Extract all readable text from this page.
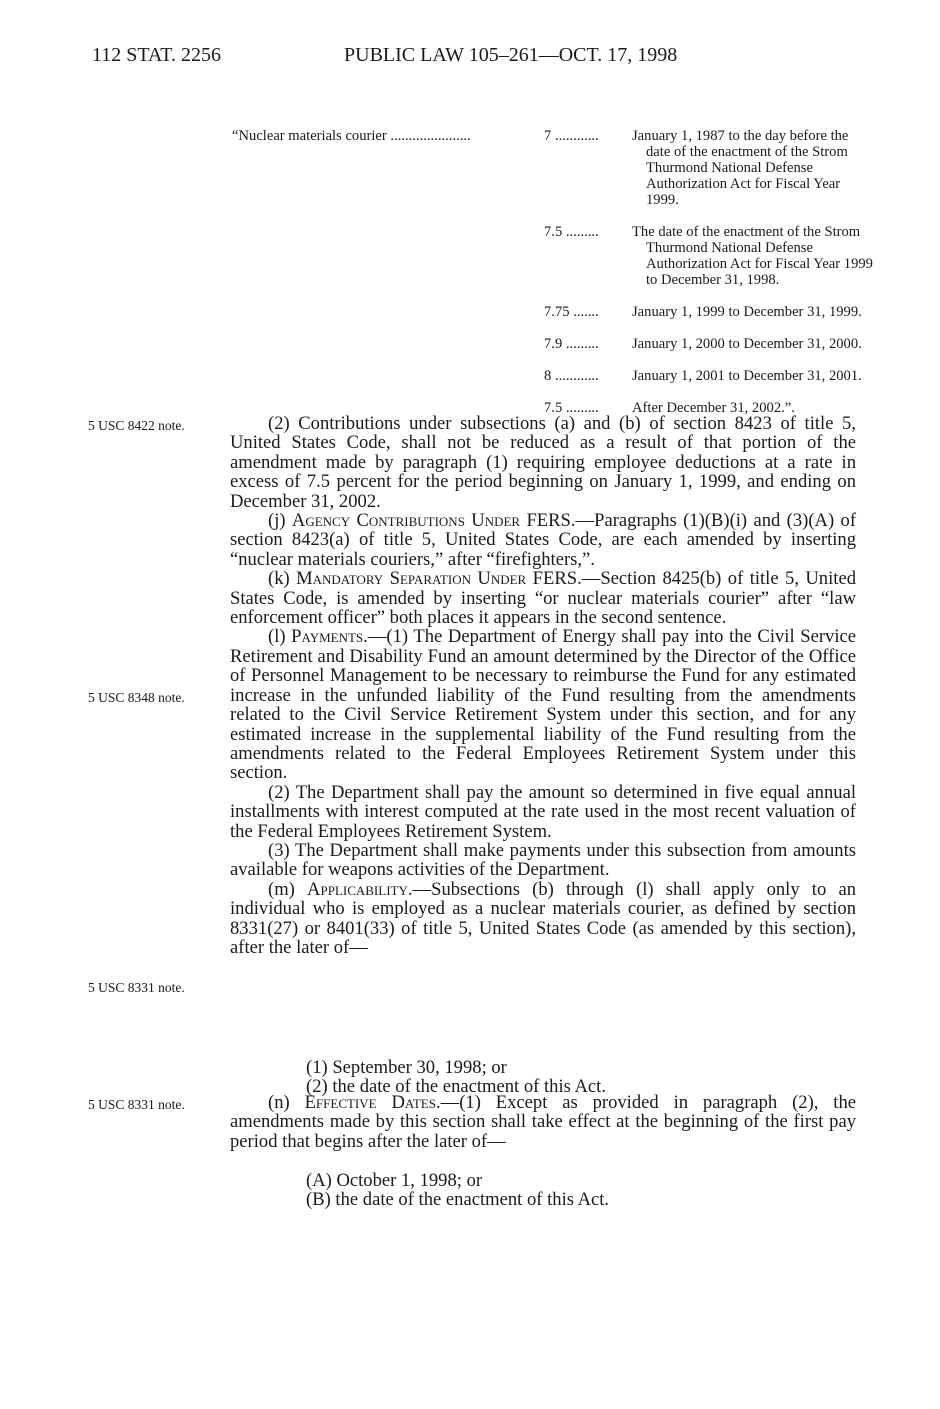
112 STAT. 2256	PUBLIC LAW 105–261—OCT. 17, 1998
“Nuclear materials courier ......................	7 ............ January 1, 1987 to the day before the date of the enactment of the Strom Thurmond National Defense Authorization Act for Fiscal Year 1999.
7.5 ......... The date of the enactment of the Strom Thurmond National Defense Authorization Act for Fiscal Year 1999 to December 31, 1998.
7.75 ....... January 1, 1999 to December 31, 1999.
7.9 ......... January 1, 2000 to December 31, 2000.
8 ............ January 1, 2001 to December 31, 2001.
7.5 ......... After December 31, 2002.”.
5 USC 8422 note.
5 USC 8348 note.
5 USC 8331 note.
5 USC 8331 note.

(2) Contributions under subsections (a) and (b) of section 8423 of title 5, United States Code, shall not be reduced as a result of that portion of the amendment made by paragraph (1) requiring employee deductions at a rate in excess of 7.5 percent for the period beginning on January 1, 1999, and ending on December 31, 2002.

(j) Agency Contributions Under FERS.—Paragraphs (1)(B)(i) and (3)(A) of section 8423(a) of title 5, United States Code, are each amended by inserting “nuclear materials couriers,” after “firefighters,”.

(k) Mandatory Separation Under FERS.—Section 8425(b) of title 5, United States Code, is amended by inserting “or nuclear materials courier” after “law enforcement officer” both places it appears in the second sentence.

(l) Payments.—(1) The Department of Energy shall pay into the Civil Service Retirement and Disability Fund an amount determined by the Director of the Office of Personnel Management to be necessary to reimburse the Fund for any estimated increase in the unfunded liability of the Fund resulting from the amendments related to the Civil Service Retirement System under this section, and for any estimated increase in the supplemental liability of the Fund resulting from the amendments related to the Federal Employees Retirement System under this section.

(2) The Department shall pay the amount so determined in five equal annual installments with interest computed at the rate used in the most recent valuation of the Federal Employees Retirement System.

(3) The Department shall make payments under this subsection from amounts available for weapons activities of the Department.

(m) Applicability.—Subsections (b) through (l) shall apply only to an individual who is employed as a nuclear materials courier, as defined by section 8331(27) or 8401(33) of title 5, United States Code (as amended by this section), after the later of—

(1) September 30, 1998; or
(2) the date of the enactment of this Act.

(n) Effective Dates.—(1) Except as provided in paragraph (2), the amendments made by this section shall take effect at the beginning of the first pay period that begins after the later of—

(A) October 1, 1998; or
(B) the date of the enactment of this Act.
